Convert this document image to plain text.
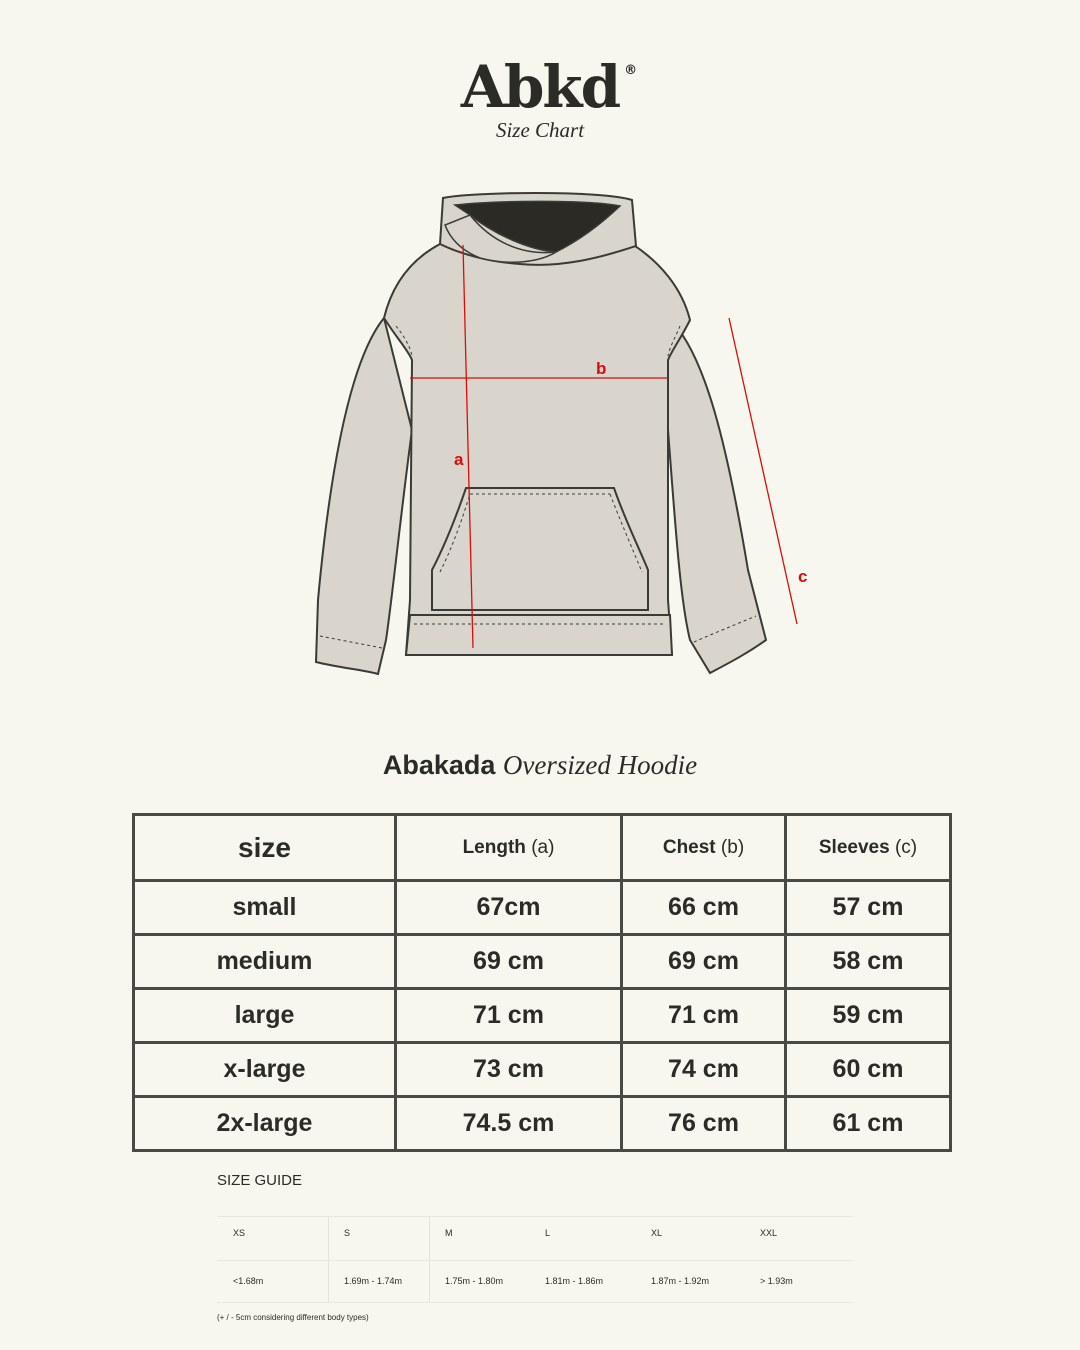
Abkd ®
Size Chart
a
b
c
Abakada Oversized Hoodie
size	Length (a)	Chest (b)	Sleeves (c)
small	67cm	66 cm	57 cm
medium	69 cm	69 cm	58 cm
large	71 cm	71 cm	59 cm
x-large	73 cm	74 cm	60 cm
2x-large	74.5 cm	76 cm	61 cm
SIZE GUIDE
XS	S	M	L	XL	XXL
<1.68m	1.69m - 1.74m	1.75m - 1.80m	1.81m - 1.86m	1.87m - 1.92m	> 1.93m
(+ / - 5cm considering different body types)
